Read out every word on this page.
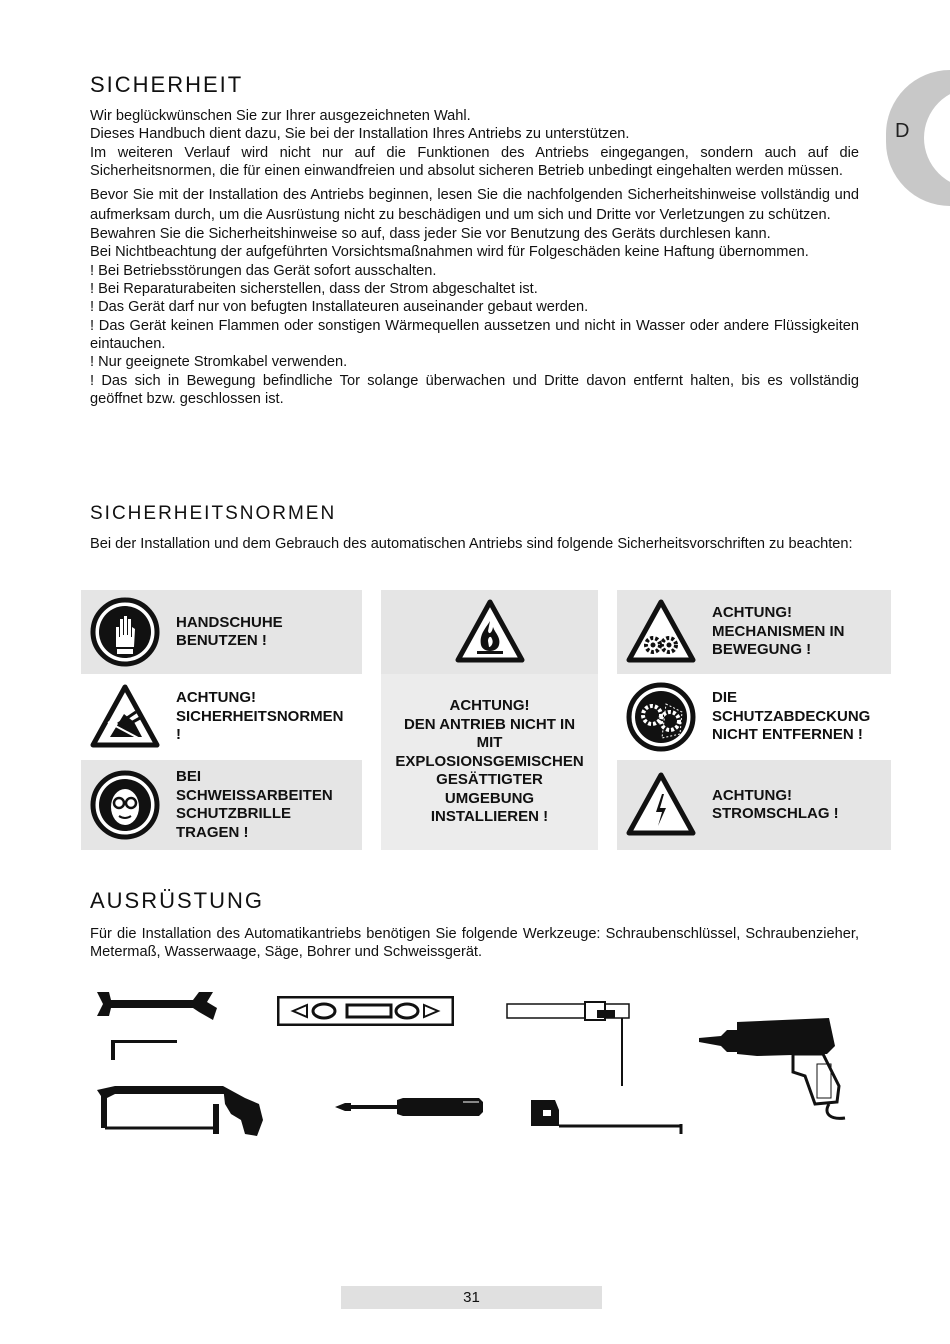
D
SICHERHEIT

Wir beglückwünschen Sie zur Ihrer ausgezeichneten Wahl.

Dieses Handbuch dient dazu, Sie bei der Installation Ihres Antriebs zu unterstützen.

Im weiteren Verlauf wird nicht nur auf die Funktionen des Antriebs eingegangen, sondern auch auf die Sicherheitsnormen, die für einen einwandfreien und absolut sicheren Betrieb unbedingt eingehalten werden müssen.

Bevor Sie mit der Installation des Antriebs beginnen, lesen Sie die nachfolgenden Sicherheitshinweise vollständig und aufmerksam durch, um die Ausrüstung nicht zu beschädigen und um sich und Dritte vor Verletzungen zu schützen.

Bewahren Sie die Sicherheitshinweise so auf, dass jeder Sie vor Benutzung des Geräts durchlesen kann.

Bei Nichtbeachtung der aufgeführten Vorsichtsmaßnahmen wird für Folgeschäden keine Haftung übernommen.

! Bei Betriebsstörungen das Gerät sofort ausschalten.

! Bei Reparaturabeiten sicherstellen, dass der Strom abgeschaltet ist.

! Das Gerät darf nur von befugten Installateuren auseinander gebaut werden.

! Das Gerät keinen Flammen oder sonstigen Wärmequellen aussetzen und nicht in Wasser oder andere Flüssigkeiten eintauchen.

! Nur geeignete Stromkabel verwenden.

! Das sich in Bewegung befindliche Tor solange überwachen und Dritte davon entfernt halten, bis es vollständig geöffnet bzw. geschlossen ist.

SICHERHEITSNORMEN
Bei der Installation und dem Gebrauch des automatischen Antriebs sind folgende Sicherheitsvorschriften zu beachten:
HANDSCHUHE
BENUTZEN !
ACHTUNG!
SICHERHEITSNORMEN
!
BEI
SCHWEISSARBEITEN
SCHUTZBRILLE
TRAGEN !
ACHTUNG!
DEN ANTRIEB NICHT IN
MIT
EXPLOSIONSGEMISCHEN
GESÄTTIGTER
UMGEBUNG
INSTALLIEREN !
ACHTUNG!
MECHANISMEN IN
BEWEGUNG !
DIE
SCHUTZABDECKUNG
NICHT ENTFERNEN !
ACHTUNG!
STROMSCHLAG !
AUSRÜSTUNG
Für die Installation des Automatikantriebs benötigen Sie folgende Werkzeuge: Schraubenschlüssel, Schraubenzieher, Metermaß, Wasserwaage, Säge, Bohrer und Schweissgerät.
31
